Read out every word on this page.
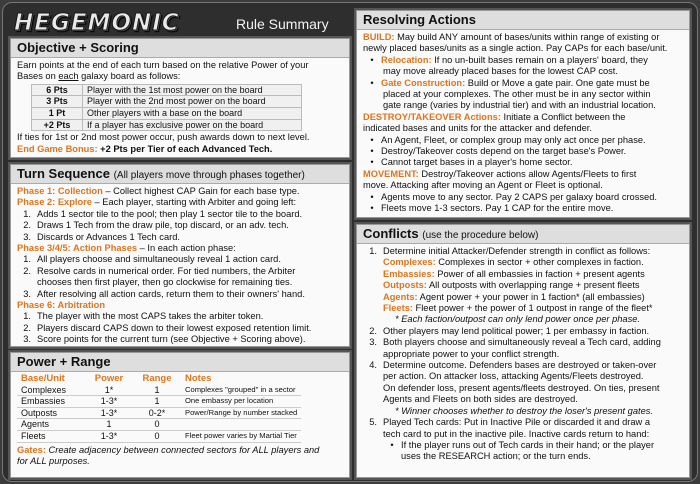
HEGEMONIC	Rule Summary
Objective + Scoring
Earn points at the end of each turn based on the relative Power of your
Bases on each galaxy board as follows:
6 Pts	Player with the 1st most power on the board
3 Pts	Player with the 2nd most power on the board
1 Pt	Other players with a base on the board
+2 Pts	If a player has exclusive power on the board
If ties for 1st or 2nd most power occur, push awards down to next level.
End Game Bonus: +2 Pts per Tier of each Advanced Tech.
Turn Sequence (All players move through phases together)
Phase 1: Collection – Collect highest CAP Gain for each base type.
Phase 2: Explore – Each player, starting with Arbiter and going left:
1. Adds 1 sector tile to the pool; then play 1 sector tile to the board.
2. Draws 1 Tech from the draw pile, top discard, or an adv. tech.
3. Discards or Advances 1 Tech card.
Phase 3/4/5: Action Phases – In each action phase:
1. All players choose and simultaneously reveal 1 action card.
2. Resolve cards in numerical order. For tied numbers, the Arbiter
chooses then first player, then go clockwise for remaining ties.
3. After resolving all action cards, return them to their owners' hand.
Phase 6: Arbitration
1. The player with the most CAPS takes the arbiter token.
2. Players discard CAPS down to their lowest exposed retention limit.
3. Score points for the current turn (see Objective + Scoring above).
Power + Range
Base/Unit	Power	Range	Notes
Complexes	1*	1	Complexes "grouped" in a sector
Embassies	1-3*	1	One embassy per location
Outposts	1-3*	0-2*	Power/Range by number stacked
Agents	1	0	
Fleets	1-3*	0	Fleet power varies by Martial Tier
Gates: Create adjacency between connected sectors for ALL players and
for ALL purposes.
Resolving Actions
BUILD: May build ANY amount of bases/units within range of existing or
newly placed bases/units as a single action. Pay CAPs for each base/unit.
• Relocation: If no un-built bases remain on a players' board, they
may move already placed bases for the lowest CAP cost.
• Gate Construction: Build or Move a gate pair. One gate must be
placed at your complexes. The other must be in any sector within
gate range (varies by industrial tier) and with an industrial location.
DESTROY/TAKEOVER Actions: Initiate a Conflict between the
indicated bases and units for the attacker and defender.
• An Agent, Fleet, or complex group may only act once per phase.
• Destroy/Takeover costs depend on the target base's Power.
• Cannot target bases in a player's home sector.
MOVEMENT: Destroy/Takeover actions allow Agents/Fleets to first
move. Attacking after moving an Agent or Fleet is optional.
• Agents move to any sector. Pay 2 CAPS per galaxy board crossed.
• Fleets move 1-3 sectors. Pay 1 CAP for the entire move.
Conflicts (use the procedure below)
1. Determine initial Attacker/Defender strength in conflict as follows:
Complexes: Complexes in sector + other complexes in faction.
Embassies: Power of all embassies in faction + present agents
Outposts: All outposts with overlapping range + present fleets
Agents: Agent power + your power in 1 faction* (all embassies)
Fleets: Fleet power + the power of 1 outpost in range of the fleet*
* Each faction/outpost can only lend power once per phase.
2. Other players may lend political power; 1 per embassy in faction.
3. Both players choose and simultaneously reveal a Tech card, adding
appropriate power to your conflict strength.
4. Determine outcome. Defenders bases are destroyed or taken-over
per action. On attacker loss, attacking Agents/Fleets destroyed.
On defender loss, present agents/fleets destroyed. On ties, present
Agents and Fleets on both sides are destroyed.
* Winner chooses whether to destroy the loser's present gates.
5. Played Tech cards: Put in Inactive Pile or discarded it and draw a
tech card to put in the inactive pile. Inactive cards return to hand:
• If the player runs out of Tech cards in their hand; or the player
uses the RESEARCH action; or the turn ends.
